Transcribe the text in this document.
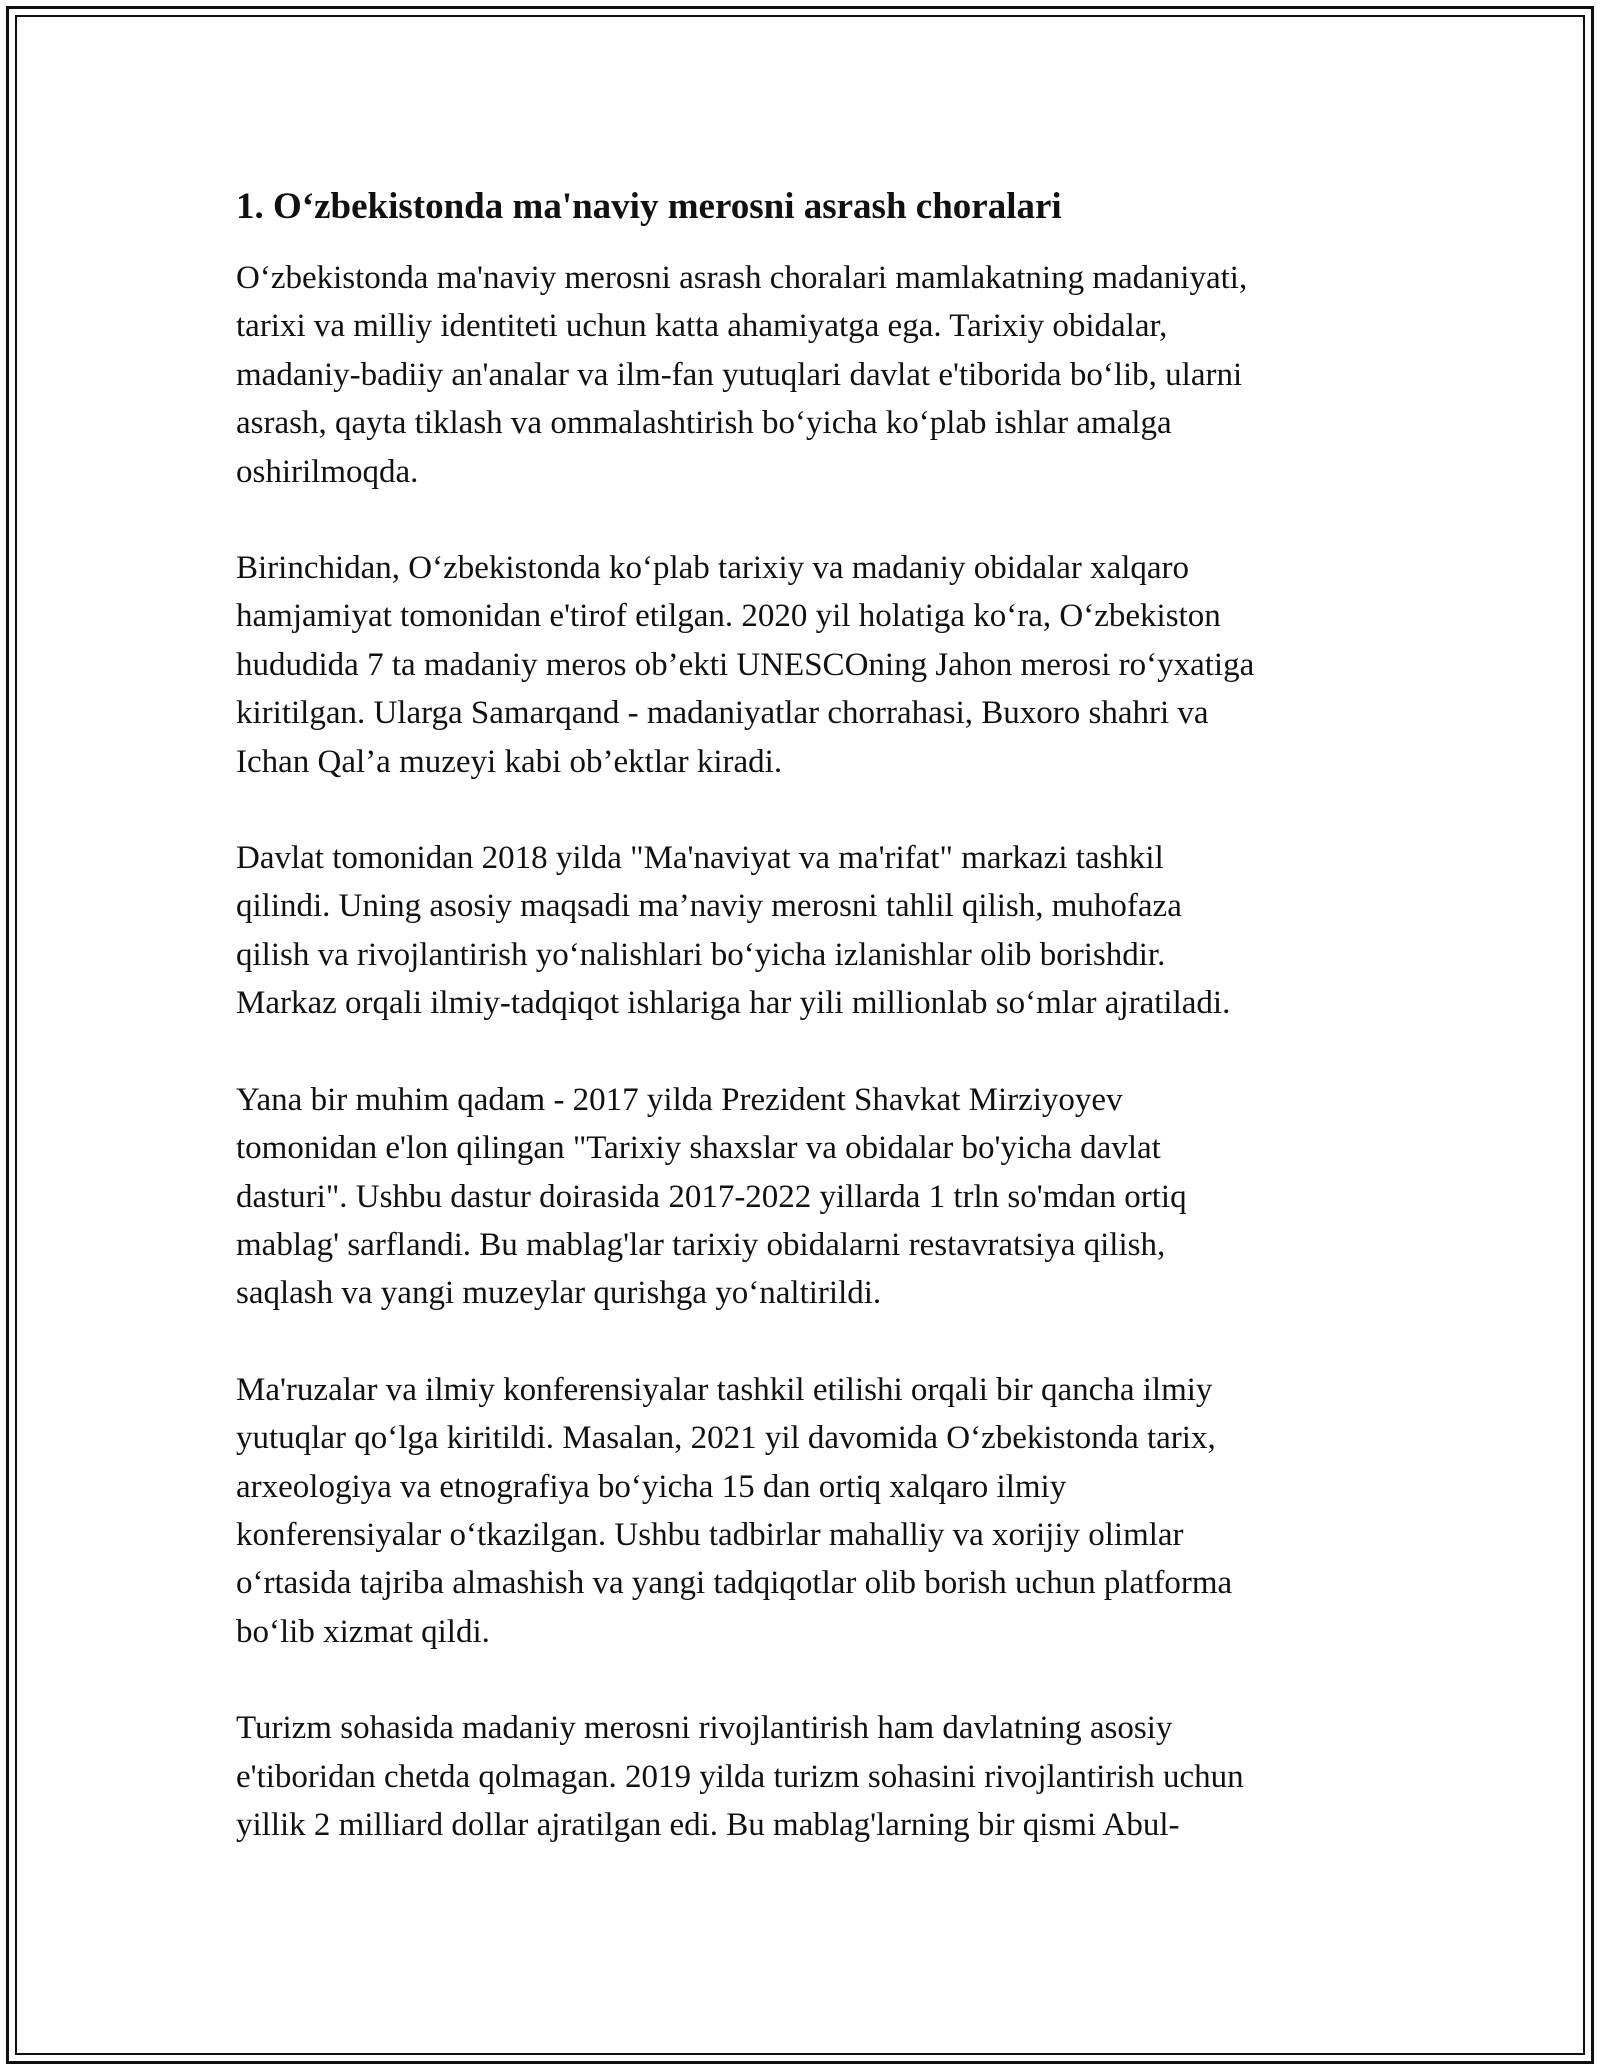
1. O‘zbekistonda ma'naviy merosni asrash choralari

O‘zbekistonda ma'naviy merosni asrash choralari mamlakatning madaniyati,
tarixi va milliy identiteti uchun katta ahamiyatga ega. Tarixiy obidalar,
madaniy-badiiy an'analar va ilm-fan yutuqlari davlat e'tiborida bo‘lib, ularni
asrash, qayta tiklash va ommalashtirish bo‘yicha ko‘plab ishlar amalga
oshirilmoqda.

Birinchidan, O‘zbekistonda ko‘plab tarixiy va madaniy obidalar xalqaro
hamjamiyat tomonidan e'tirof etilgan. 2020 yil holatiga ko‘ra, O‘zbekiston
hududida 7 ta madaniy meros ob’ekti UNESCOning Jahon merosi ro‘yxatiga
kiritilgan. Ularga Samarqand - madaniyatlar chorrahasi, Buxoro shahri va
Ichan Qal’a muzeyi kabi ob’ektlar kiradi.

Davlat tomonidan 2018 yilda "Ma'naviyat va ma'rifat" markazi tashkil
qilindi. Uning asosiy maqsadi ma’naviy merosni tahlil qilish, muhofaza
qilish va rivojlantirish yo‘nalishlari bo‘yicha izlanishlar olib borishdir.
Markaz orqali ilmiy-tadqiqot ishlariga har yili millionlab so‘mlar ajratiladi.

Yana bir muhim qadam - 2017 yilda Prezident Shavkat Mirziyoyev
tomonidan e'lon qilingan "Tarixiy shaxslar va obidalar bo'yicha davlat
dasturi". Ushbu dastur doirasida 2017-2022 yillarda 1 trln so'mdan ortiq
mablag' sarflandi. Bu mablag'lar tarixiy obidalarni restavratsiya qilish,
saqlash va yangi muzeylar qurishga yo‘naltirildi.

Ma'ruzalar va ilmiy konferensiyalar tashkil etilishi orqali bir qancha ilmiy
yutuqlar qo‘lga kiritildi. Masalan, 2021 yil davomida O‘zbekistonda tarix,
arxeologiya va etnografiya bo‘yicha 15 dan ortiq xalqaro ilmiy
konferensiyalar o‘tkazilgan. Ushbu tadbirlar mahalliy va xorijiy olimlar
o‘rtasida tajriba almashish va yangi tadqiqotlar olib borish uchun platforma
bo‘lib xizmat qildi.

Turizm sohasida madaniy merosni rivojlantirish ham davlatning asosiy
e'tiboridan chetda qolmagan. 2019 yilda turizm sohasini rivojlantirish uchun
yillik 2 milliard dollar ajratilgan edi. Bu mablag'larning bir qismi Abul-
